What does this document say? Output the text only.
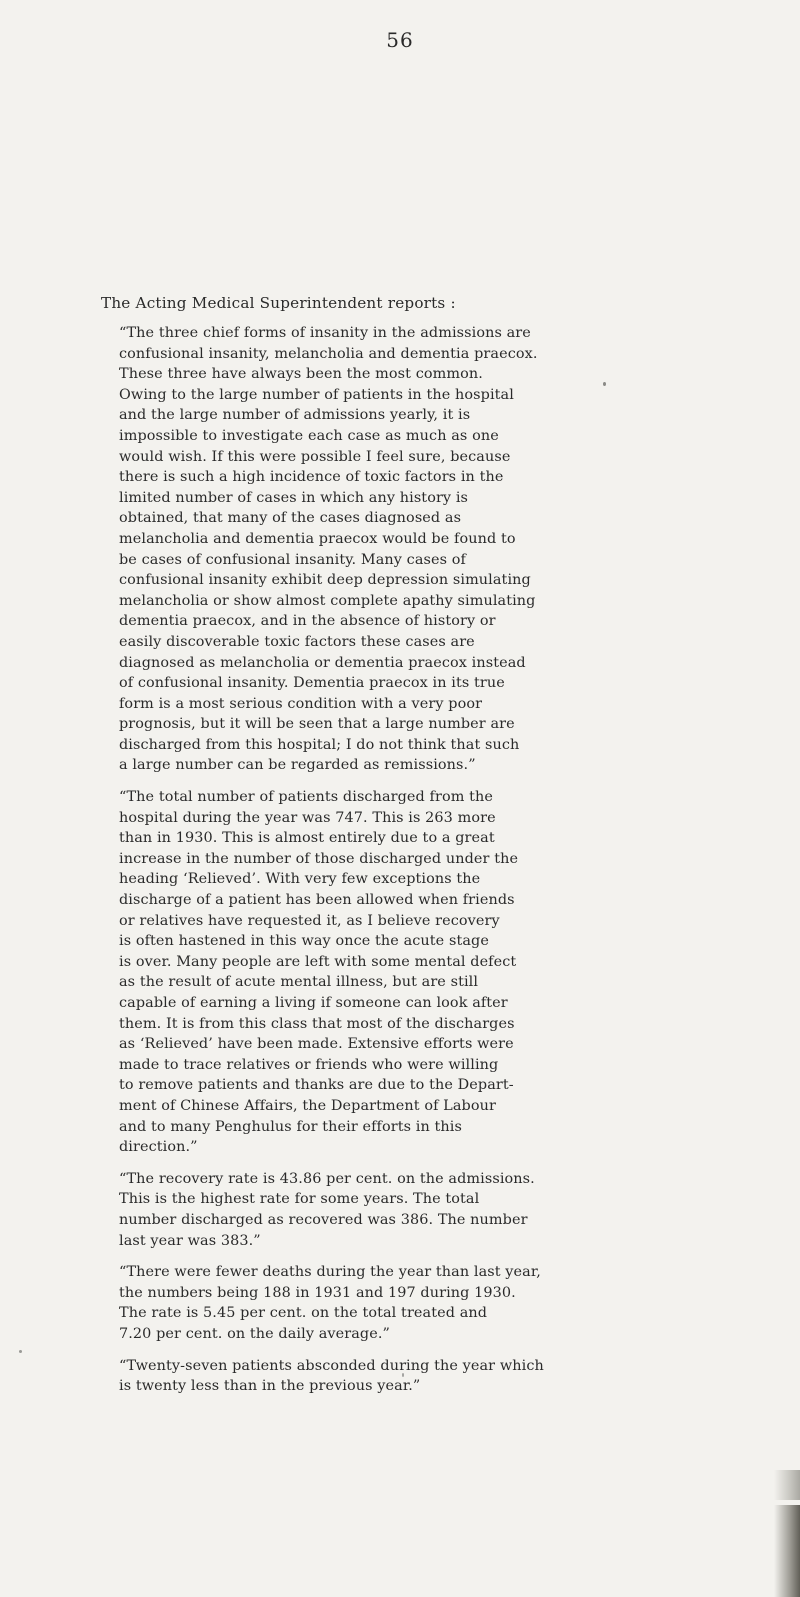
56

The Acting Medical Superintendent reports :

“The three chief forms of insanity in the admissions are
confusional insanity, melancholia and dementia praecox.
These three have always been the most common.
Owing to the large number of patients in the hospital
and the large number of admissions yearly, it is
impossible to investigate each case as much as one
would wish. If this were possible I feel sure, because
there is such a high incidence of toxic factors in the
limited number of cases in which any history is
obtained, that many of the cases diagnosed as
melancholia and dementia praecox would be found to
be cases of confusional insanity. Many cases of
confusional insanity exhibit deep depression simulating
melancholia or show almost complete apathy simulating
dementia praecox, and in the absence of history or
easily discoverable toxic factors these cases are
diagnosed as melancholia or dementia praecox instead
of confusional insanity. Dementia praecox in its true
form is a most serious condition with a very poor
prognosis, but it will be seen that a large number are
discharged from this hospital; I do not think that such
a large number can be regarded as remissions.”

“The total number of patients discharged from the
hospital during the year was 747. This is 263 more
than in 1930. This is almost entirely due to a great
increase in the number of those discharged under the
heading ‘Relieved’. With very few exceptions the
discharge of a patient has been allowed when friends
or relatives have requested it, as I believe recovery
is often hastened in this way once the acute stage
is over. Many people are left with some mental defect
as the result of acute mental illness, but are still
capable of earning a living if someone can look after
them. It is from this class that most of the discharges
as ‘Relieved’ have been made. Extensive efforts were
made to trace relatives or friends who were willing
to remove patients and thanks are due to the Depart-
ment of Chinese Affairs, the Department of Labour
and to many Penghulus for their efforts in this
direction.”

“The recovery rate is 43.86 per cent. on the admissions.
This is the highest rate for some years. The total
number discharged as recovered was 386. The number
last year was 383.”

“There were fewer deaths during the year than last year,
the numbers being 188 in 1931 and 197 during 1930.
The rate is 5.45 per cent. on the total treated and
7.20 per cent. on the daily average.”

“Twenty-seven patients absconded during the year which
is twenty less than in the previous year.”
